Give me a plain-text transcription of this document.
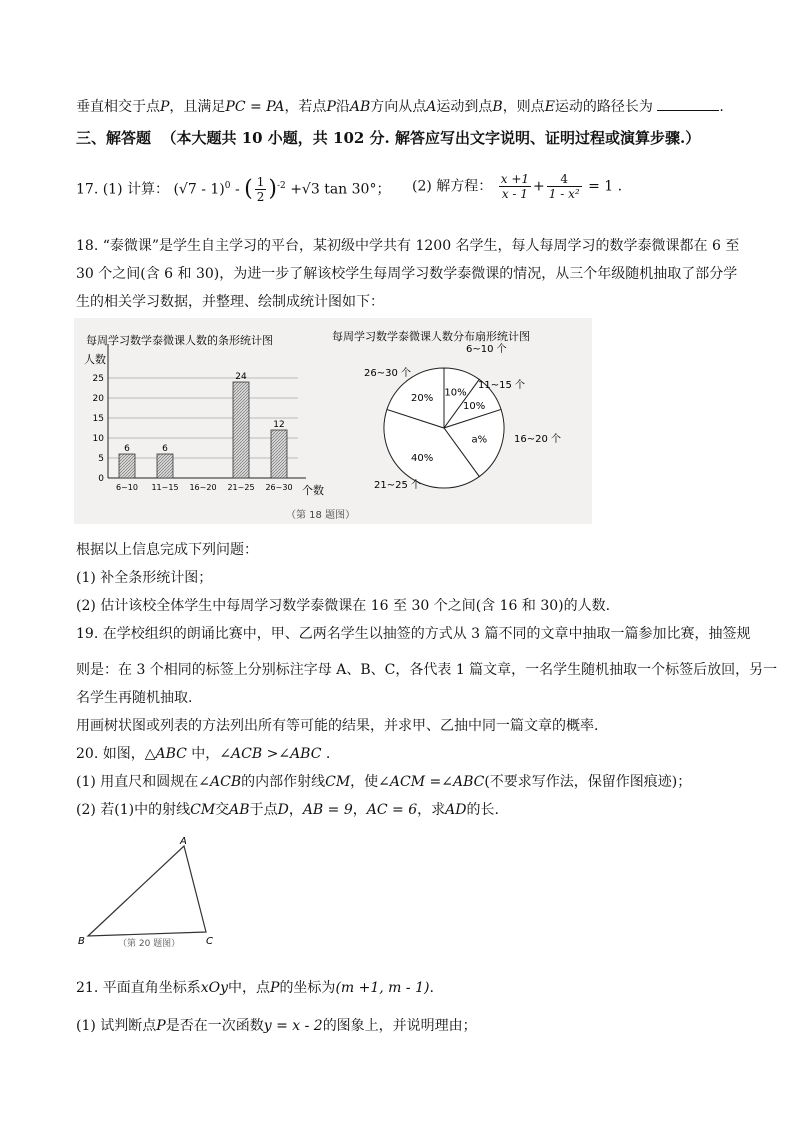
垂直相交于点P，且满足PC = PA，若点P沿AB方向从点A运动到点B，则点E运动的路径长为	.
三、解答题 （本大题共 10 小题，共 102 分. 解答应写出文字说明、证明过程或演算步骤.）
17. (1) 计算： (√7 - 1)$^0$ - ( $\frac{1}{2} )^{-2} +√3$ tan 30°； (2) 解方程： $\frac{x +1}{x - 1} + \frac{4}{\text{1 - x²}} = 1$ .
18. “泰微课”是学生自主学习的平台，某初级中学共有 1200 名学生，每人每周学习的数学泰微课都在 6 至
30 个之间(含 6 和 30)，为进一步了解该校学生每周学习数学泰微课的情况，从三个年级随机抽取了部分学
生的相关学习数据，并整理、绘制成统计图如下：
每周学习数学泰微课人数的条形统计图
人数
个数
0
5
10
15
20
25
6
6~10
6
11~15 16~20
24
21~25
12
26~30
每周学习数学泰微课人数分布扇形统计图
10%
6~10 个
10%
11~15 个
a%	16~20 个
40%
21~25 个
20%
26~30 个
（第 18 题图）
根据以上信息完成下列问题：
(1) 补全条形统计图；
(2) 估计该校全体学生中每周学习数学泰微课在 16 至 30 个之间(含 16 和 30)的人数.
19. 在学校组织的朗诵比赛中，甲、乙两名学生以抽签的方式从 3 篇不同的文章中抽取一篇参加比赛，抽签规
则是：在 3 个相同的标签上分别标注字母 A、B、C，各代表 1 篇文章，一名学生随机抽取一个标签后放回，另一
名学生再随机抽取.
用画树状图或列表的方法列出所有等可能的结果，并求甲、乙抽中同一篇文章的概率.
20. 如图，△ABC 中，∠ACB >∠ABC .
(1) 用直尺和圆规在∠ACB的内部作射线CM，使∠ACM =∠ABC(不要求写作法，保留作图痕迹)；
(2) 若(1)中的射线CM交AB于点D，AB = 9，AC = 6，求AD的长.
A
B	C
（第 20 题图）
21. 平面直角坐标系xOy中，点P的坐标为(m +1, m - 1).
(1) 试判断点P是否在一次函数y = x - 2的图象上，并说明理由；
